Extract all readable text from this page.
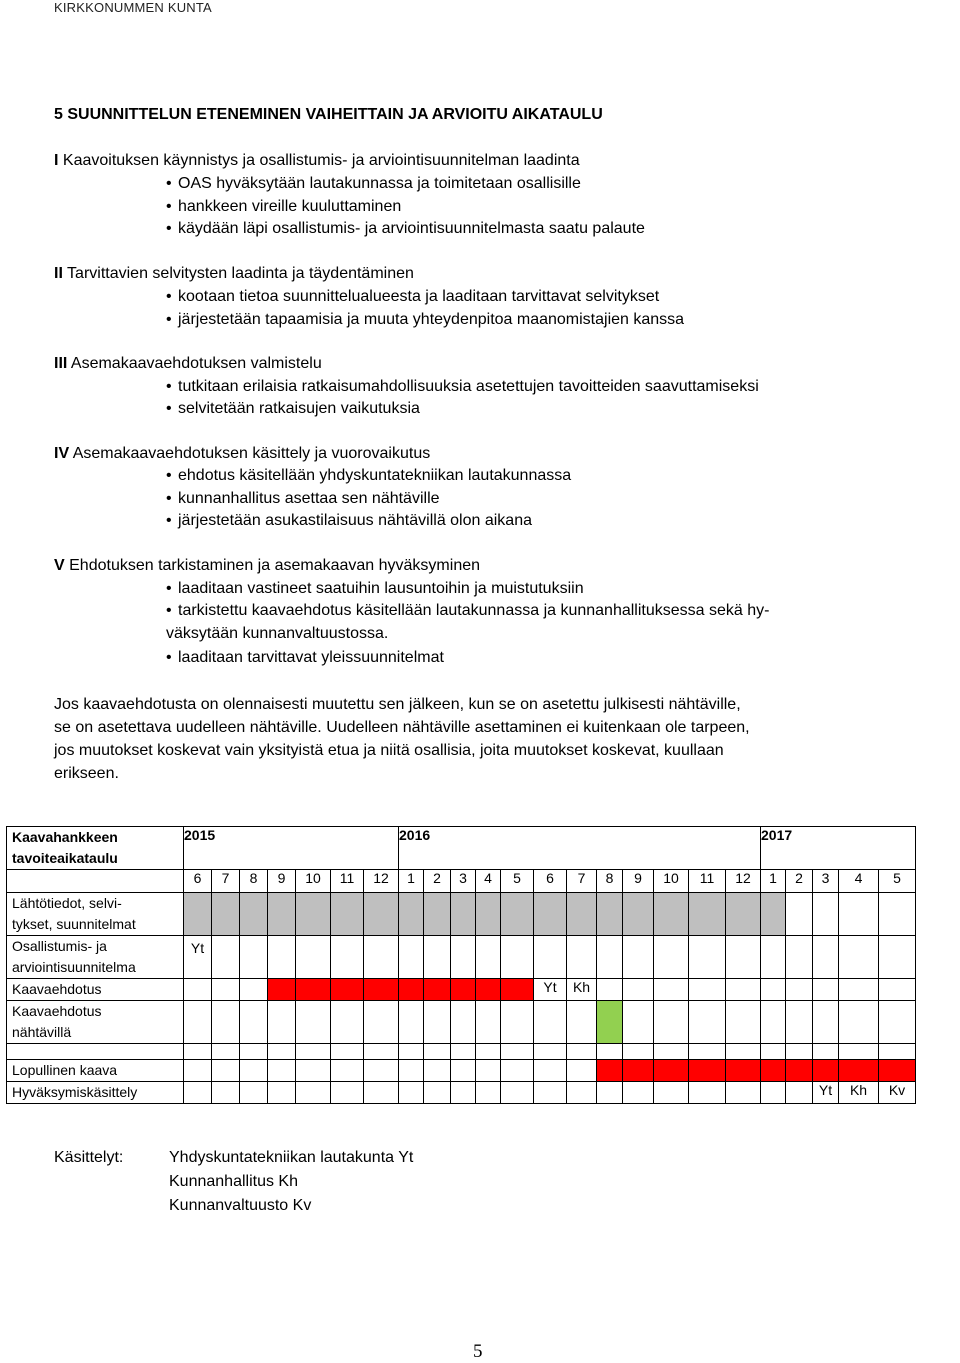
KIRKKONUMMEN KUNTA
5 SUUNNITTELUN ETENEMINEN VAIHEITTAIN JA ARVIOITU AIKATAULU
I Kaavoituksen käynnistys ja osallistumis- ja arviointisuunnitelman laadinta
• OAS hyväksytään lautakunnassa ja toimitetaan osallisille
• hankkeen vireille kuuluttaminen
• käydään läpi osallistumis- ja arviointisuunnitelmasta saatu palaute
II Tarvittavien selvitysten laadinta ja täydentäminen
• kootaan tietoa suunnittelualueesta ja laaditaan tarvittavat selvitykset
• järjestetään tapaamisia ja muuta yhteydenpitoa maanomistajien kanssa
III Asemakaavaehdotuksen valmistelu
• tutkitaan erilaisia ratkaisumahdollisuuksia asetettujen tavoitteiden saavuttamiseksi
• selvitetään ratkaisujen vaikutuksia
IV Asemakaavaehdotuksen käsittely ja vuorovaikutus
• ehdotus käsitellään yhdyskuntatekniikan lautakunnassa
• kunnanhallitus asettaa sen nähtäville
• järjestetään asukastilaisuus nähtävillä olon aikana
V Ehdotuksen tarkistaminen ja asemakaavan hyväksyminen
• laaditaan vastineet saatuihin lausuntoihin ja muistutuksiin
• tarkistettu kaavaehdotus käsitellään lautakunnassa ja kunnanhallituksessa sekä hy-
väksytään kunnanvaltuustossa.
• laaditaan tarvittavat yleissuunnitelmat
Jos kaavaehdotusta on olennaisesti muutettu sen jälkeen, kun se on asetettu julkisesti nähtäville,
se on asetettava uudelleen nähtäville. Uudelleen nähtäville asettaminen ei kuitenkaan ole tarpeen,
jos muutokset koskevat vain yksityistä etua ja niitä osallisia, joita muutokset koskevat, kuullaan
erikseen.
Kaavahankkeen
tavoiteaikataulu	2015							2016												2017				
	6	7	8	9	10	11	12	1	2	3	4	5	6	7	8	9	10	11	12	1	2	3	4	5

Lähtötiedot, selvi-
tykset, suunnitelmat																								

Osallistumis- ja
arviointisuunnitelma	Yt																							
Kaavaehdotus													Yt	Kh										

Kaavaehdotus
nähtävillä																								

Lopullinen kaava																								
Hyväksymiskäsittely																						Yt	Kh	Kv
Käsittelyt:	Yhdyskuntatekniikan lautakunta Yt
Kunnanhallitus Kh
Kunnanvaltuusto Kv
5
